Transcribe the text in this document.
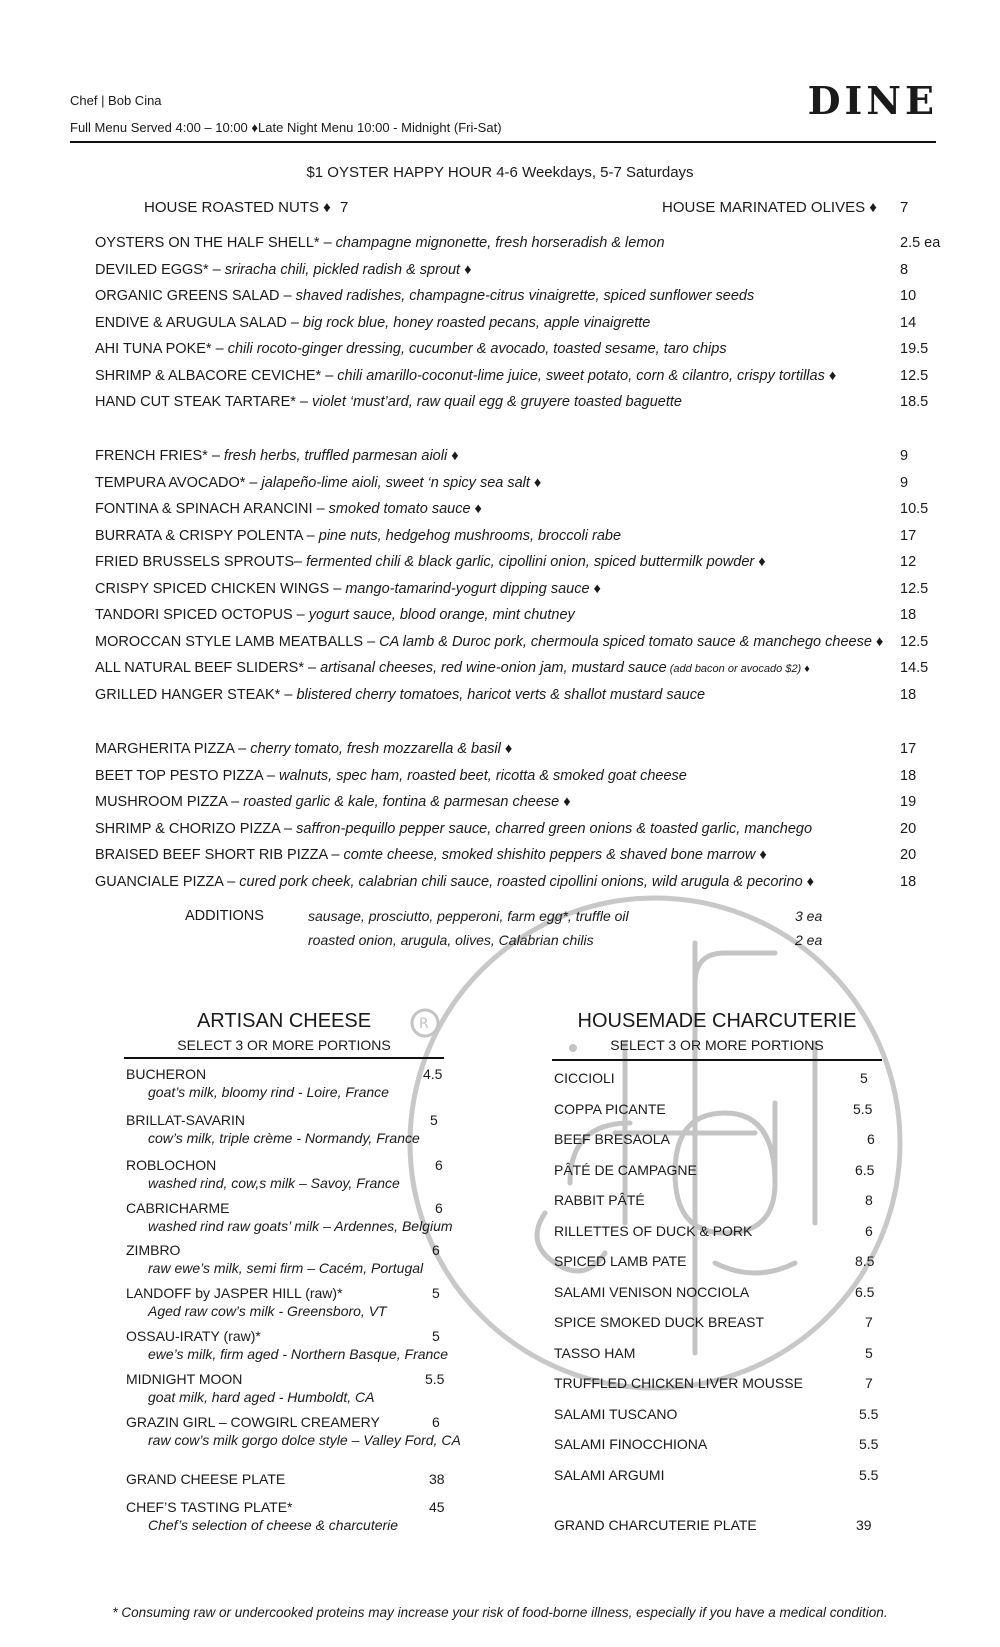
R
Chef | Bob Cina
Full Menu Served 4:00 – 10:00 ♦Late Night Menu 10:00 - Midnight (Fri-Sat)
DINE
$1 OYSTER HAPPY HOUR 4-6 Weekdays, 5-7 Saturdays
HOUSE ROASTED NUTS ♦ 7	HOUSE MARINATED OLIVES ♦ 7
OYSTERS ON THE HALF SHELL* – champagne mignonette, fresh horseradish & lemon	2.5 ea
DEVILED EGGS* – sriracha chili, pickled radish & sprout ♦	8
ORGANIC GREENS SALAD – shaved radishes, champagne-citrus vinaigrette, spiced sunflower seeds	10
ENDIVE & ARUGULA SALAD – big rock blue, honey roasted pecans, apple vinaigrette	14
AHI TUNA POKE* – chili rocoto-ginger dressing, cucumber & avocado, toasted sesame, taro chips	19.5
SHRIMP & ALBACORE CEVICHE* – chili amarillo-coconut-lime juice, sweet potato, corn & cilantro, crispy tortillas ♦	12.5
HAND CUT STEAK TARTARE* – violet ‘must’ard, raw quail egg & gruyere toasted baguette	18.5
FRENCH FRIES* – fresh herbs, truffled parmesan aioli ♦	9
TEMPURA AVOCADO* – jalapeño-lime aioli, sweet ‘n spicy sea salt ♦	9
FONTINA & SPINACH ARANCINI – smoked tomato sauce ♦	10.5
BURRATA & CRISPY POLENTA – pine nuts, hedgehog mushrooms, broccoli rabe	17
FRIED BRUSSELS SPROUTS– fermented chili & black garlic, cipollini onion, spiced buttermilk powder ♦	12
CRISPY SPICED CHICKEN WINGS – mango-tamarind-yogurt dipping sauce ♦	12.5
TANDORI SPICED OCTOPUS – yogurt sauce, blood orange, mint chutney	18
MOROCCAN STYLE LAMB MEATBALLS – CA lamb & Duroc pork, chermoula spiced tomato sauce & manchego cheese ♦ 12.5
ALL NATURAL BEEF SLIDERS* – artisanal cheeses, red wine-onion jam, mustard sauce (add bacon or avocado $2) ♦	14.5
GRILLED HANGER STEAK* – blistered cherry tomatoes, haricot verts & shallot mustard sauce	18
MARGHERITA PIZZA – cherry tomato, fresh mozzarella & basil ♦	17
BEET TOP PESTO PIZZA – walnuts, spec ham, roasted beet, ricotta & smoked goat cheese	18
MUSHROOM PIZZA – roasted garlic & kale, fontina & parmesan cheese ♦	19
SHRIMP & CHORIZO PIZZA – saffron-pequillo pepper sauce, charred green onions & toasted garlic, manchego	20
BRAISED BEEF SHORT RIB PIZZA – comte cheese, smoked shishito peppers & shaved bone marrow ♦	20
GUANCIALE PIZZA – cured pork cheek, calabrian chili sauce, roasted cipollini onions, wild arugula & pecorino ♦	18
ADDITIONS	sausage, prosciutto, pepperoni, farm egg*, truffle oil	3 ea
roasted onion, arugula, olives, Calabrian chilis	2 ea
ARTISAN CHEESE
SELECT 3 OR MORE PORTIONS
BUCHERON
goat’s milk, bloomy rind - Loire, France
4.5
BRILLAT-SAVARIN
cow’s milk, triple crème - Normandy, France
5
ROBLOCHON
washed rind, cow,s milk – Savoy, France
6
CABRICHARME
washed rind raw goats’ milk – Ardennes, Belgium
6
ZIMBRO
raw ewe’s milk, semi firm – Cacém, Portugal
6
LANDOFF by JASPER HILL (raw)*
Aged raw cow’s milk - Greensboro, VT
5
OSSAU-IRATY (raw)*
ewe’s milk, firm aged - Northern Basque, France
5
MIDNIGHT MOON
goat milk, hard aged - Humboldt, CA
5.5
GRAZIN GIRL – COWGIRL CREAMERY
raw cow’s milk gorgo dolce style – Valley Ford, CA
6
GRAND CHEESE PLATE	38
CHEF’S TASTING PLATE*
Chef’s selection of cheese & charcuterie
45
HOUSEMADE CHARCUTERIE
SELECT 3 OR MORE PORTIONS
CICCIOLI	5
COPPA PICANTE	5.5
BEEF BRESAOLA	6
PÂTÉ DE CAMPAGNE	6.5
RABBIT PÂTÉ	8
RILLETTES OF DUCK & PORK	6
SPICED LAMB PATE	8.5
SALAMI VENISON NOCCIOLA	6.5
SPICE SMOKED DUCK BREAST	7
TASSO HAM	5
TRUFFLED CHICKEN LIVER MOUSSE	7
SALAMI TUSCANO	5.5
SALAMI FINOCCHIONA	5.5
SALAMI ARGUMI	5.5
GRAND CHARCUTERIE PLATE	39
* Consuming raw or undercooked proteins may increase your risk of food-borne illness, especially if you have a medical condition.
